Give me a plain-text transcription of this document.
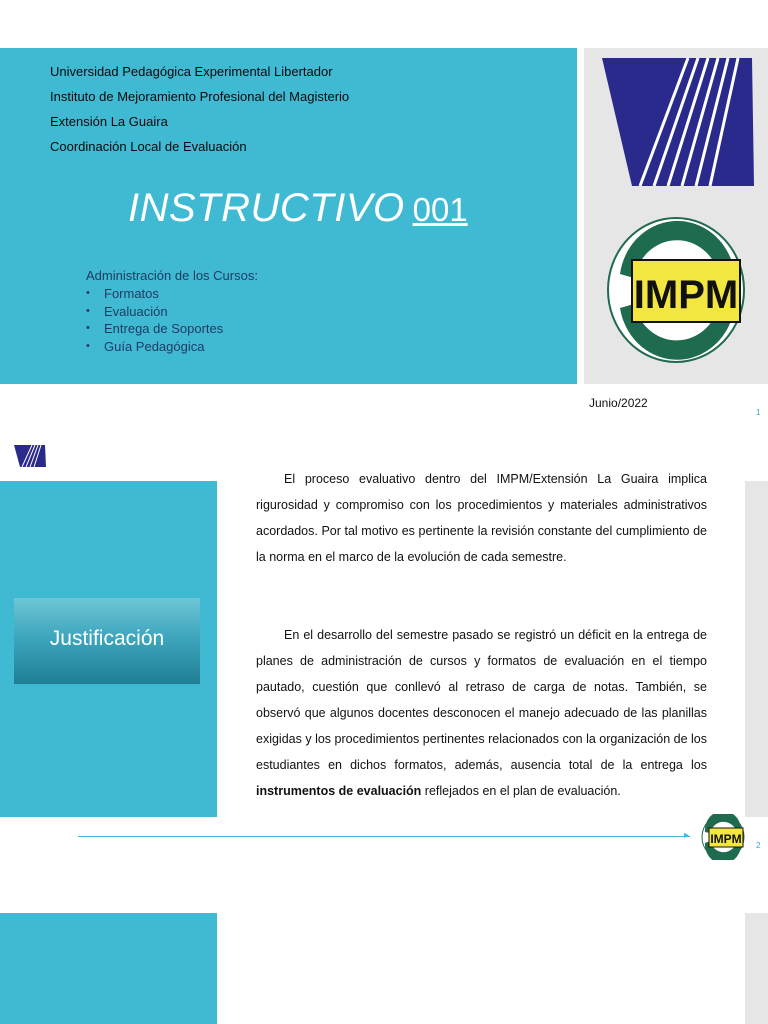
Universidad Pedagógica Experimental Libertador

Instituto de Mejoramiento Profesional del Magisterio

Extensión La Guaira

Coordinación Local de Evaluación

INSTRUCTIVO 001
Administración de los Cursos:
• Formatos
• Evaluación
• Entrega de Soportes
• Guía Pedagógica
IMPM
Junio/2022
1
Justificación

El proceso evaluativo dentro del IMPM/Extensión La Guaira implica rigurosidad y compromiso con los procedimientos y materiales administrativos acordados. Por tal motivo es pertinente la revisión constante del cumplimiento de la norma en el marco de la evolución de cada semestre.

En el desarrollo del semestre pasado se registró un déficit en la entrega de planes de administración de cursos y formatos de evaluación en el tiempo pautado, cuestión que conllevó al retraso de carga de notas. También, se observó que algunos docentes desconocen el manejo adecuado de las planillas exigidas y los procedimientos pertinentes relacionados con la organización de los estudiantes en dichos formatos, además, ausencia total de la entrega los instrumentos de evaluación reflejados en el plan de evaluación.

▸ IMPM 2
